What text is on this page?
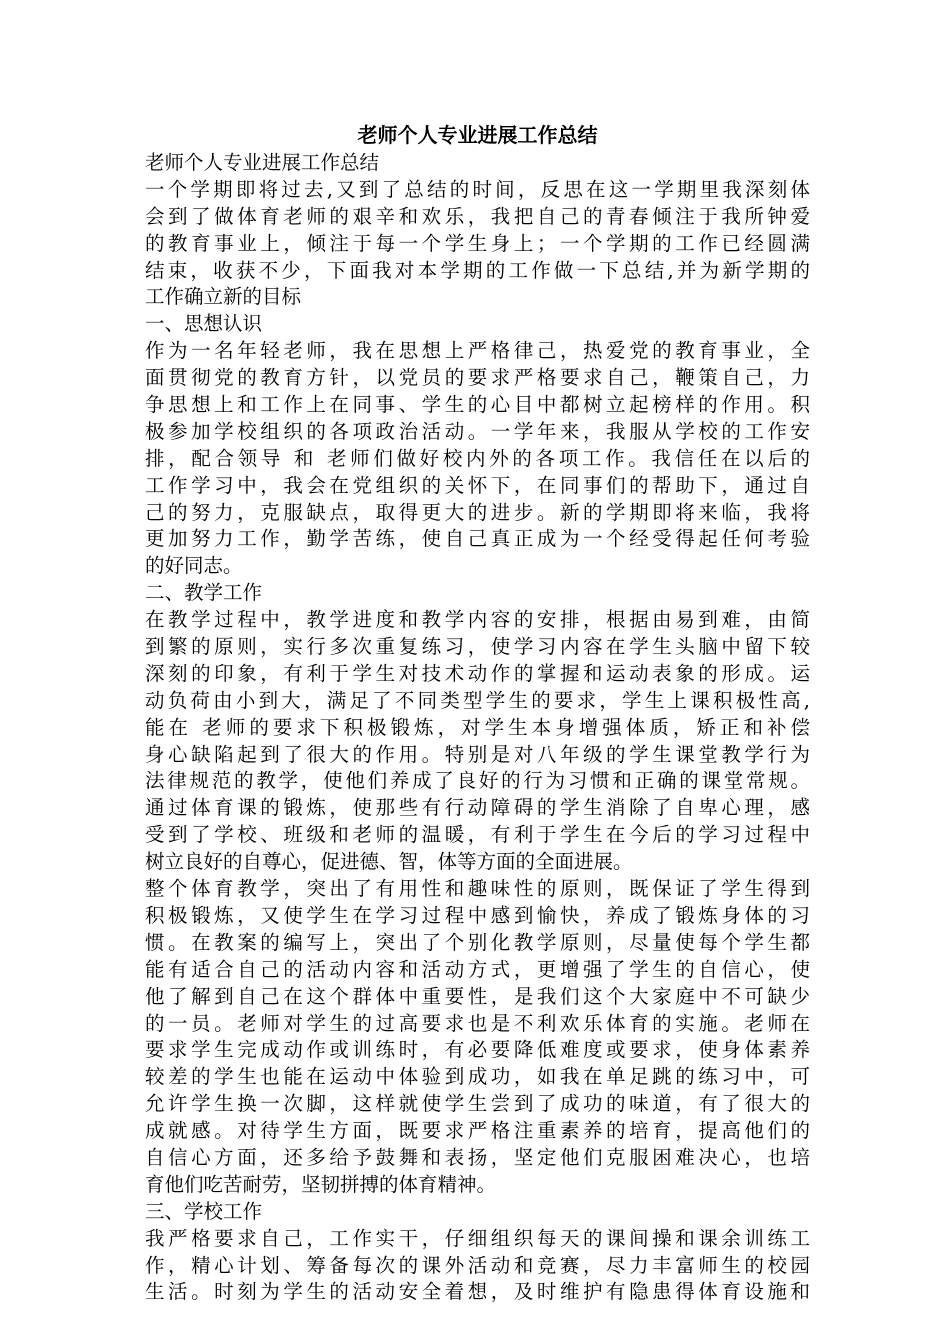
老师个人专业进展工作总结
老师个人专业进展工作总结
一个学期即将过去,又到了总结的时间，反思在这一学期里我深刻体
会到了做体育老师的艰辛和欢乐，我把自己的青春倾注于我所钟爱
的教育事业上，倾注于每一个学生身上；一个学期的工作已经圆满
结束，收获不少，下面我对本学期的工作做一下总结,并为新学期的
工作确立新的目标
一、思想认识
作为一名年轻老师，我在思想上严格律己，热爱党的教育事业，全
面贯彻党的教育方针，以党员的要求严格要求自己，鞭策自己，力
争思想上和工作上在同事、学生的心目中都树立起榜样的作用。积
极参加学校组织的各项政治活动。一学年来，我服从学校的工作安
排，配合领导 和 老师们做好校内外的各项工作。我信任在以后的
工作学习中，我会在党组织的关怀下，在同事们的帮助下，通过自
己的努力，克服缺点，取得更大的进步。新的学期即将来临，我将
更加努力工作，勤学苦练，使自己真正成为一个经受得起任何考验
的好同志。
二、教学工作
在教学过程中，教学进度和教学内容的安排，根据由易到难，由简
到繁的原则，实行多次重复练习，使学习内容在学生头脑中留下较
深刻的印象，有利于学生对技术动作的掌握和运动表象的形成。运
动负荷由小到大，满足了不同类型学生的要求，学生上课积极性高,
能在 老师的要求下积极锻炼，对学生本身增强体质，矫正和补偿
身心缺陷起到了很大的作用。特别是对八年级的学生课堂教学行为
法律规范的教学，使他们养成了良好的行为习惯和正确的课堂常规。
通过体育课的锻炼，使那些有行动障碍的学生消除了自卑心理，感
受到了学校、班级和老师的温暖，有利于学生在今后的学习过程中
树立良好的自尊心，促进德、智，体等方面的全面进展。
整个体育教学，突出了有用性和趣味性的原则，既保证了学生得到
积极锻炼，又使学生在学习过程中感到愉快，养成了锻炼身体的习
惯。在教案的编写上，突出了个别化教学原则，尽量使每个学生都
能有适合自己的活动内容和活动方式，更增强了学生的自信心，使
他了解到自己在这个群体中重要性，是我们这个大家庭中不可缺少
的一员。老师对学生的过高要求也是不利欢乐体育的实施。老师在
要求学生完成动作或训练时，有必要降低难度或要求，使身体素养
较差的学生也能在运动中体验到成功，如我在单足跳的练习中，可
允许学生换一次脚，这样就使学生尝到了成功的味道，有了很大的
成就感。对待学生方面，既要求严格注重素养的培育，提高他们的
自信心方面，还多给予鼓舞和表扬，坚定他们克服困难决心，也培
育他们吃苦耐劳，坚韧拼搏的体育精神。
三、学校工作
我严格要求自己，工作实干，仔细组织每天的课间操和课余训练工
作，精心计划、筹备每次的课外活动和竞赛，尽力丰富师生的校园
生活。时刻为学生的活动安全着想，及时维护有隐患得体育设施和
